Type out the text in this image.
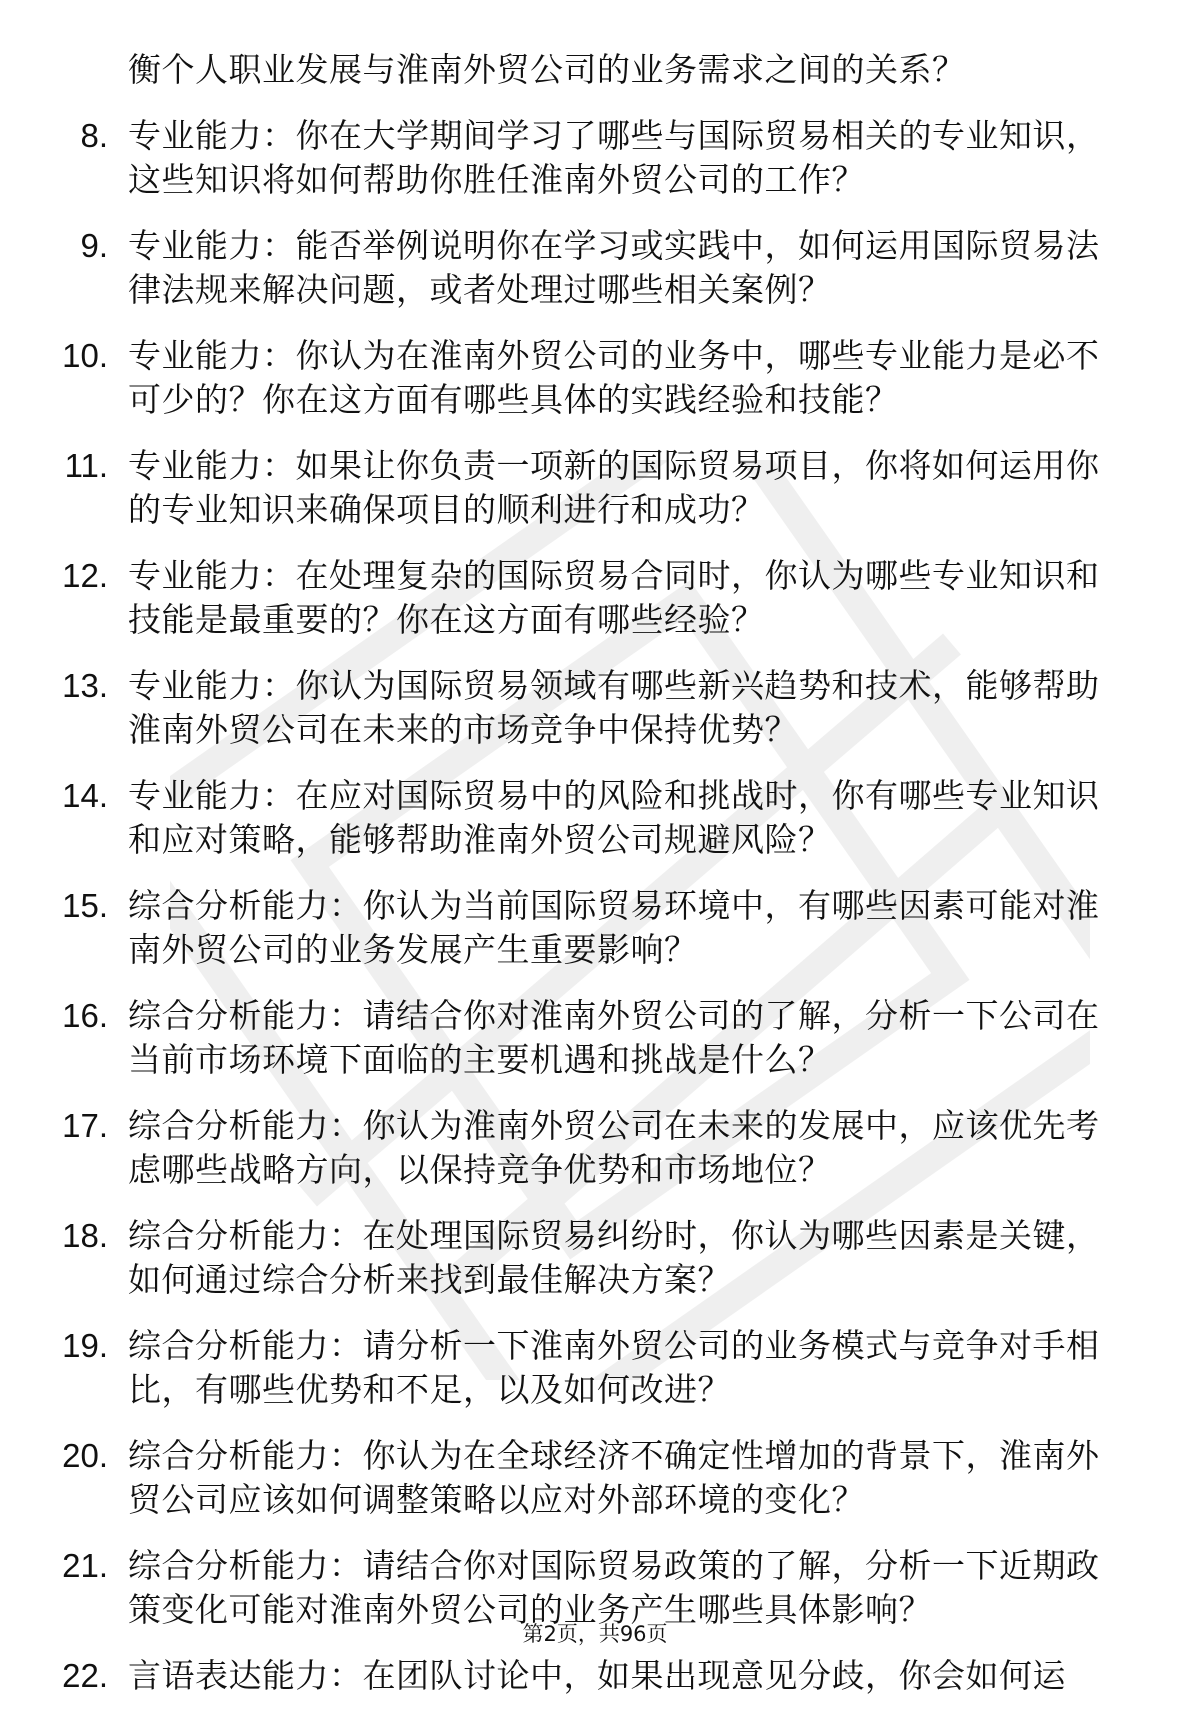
衡个人职业发展与淮南外贸公司的业务需求之间的关系？
8. 专业能力：你在大学期间学习了哪些与国际贸易相关的专业知识，这些知识将如何帮助你胜任淮南外贸公司的工作？
9. 专业能力：能否举例说明你在学习或实践中，如何运用国际贸易法律法规来解决问题，或者处理过哪些相关案例？
10. 专业能力：你认为在淮南外贸公司的业务中，哪些专业能力是必不可少的？你在这方面有哪些具体的实践经验和技能？
11. 专业能力：如果让你负责一项新的国际贸易项目，你将如何运用你的专业知识来确保项目的顺利进行和成功？
12. 专业能力：在处理复杂的国际贸易合同时，你认为哪些专业知识和技能是最重要的？你在这方面有哪些经验？
13. 专业能力：你认为国际贸易领域有哪些新兴趋势和技术，能够帮助淮南外贸公司在未来的市场竞争中保持优势？
14. 专业能力：在应对国际贸易中的风险和挑战时，你有哪些专业知识和应对策略，能够帮助淮南外贸公司规避风险？
15. 综合分析能力：你认为当前国际贸易环境中，有哪些因素可能对淮南外贸公司的业务发展产生重要影响？
16. 综合分析能力：请结合你对淮南外贸公司的了解，分析一下公司在当前市场环境下面临的主要机遇和挑战是什么？
17. 综合分析能力：你认为淮南外贸公司在未来的发展中，应该优先考虑哪些战略方向，以保持竞争优势和市场地位？
18. 综合分析能力：在处理国际贸易纠纷时，你认为哪些因素是关键，如何通过综合分析来找到最佳解决方案？
19. 综合分析能力：请分析一下淮南外贸公司的业务模式与竞争对手相比，有哪些优势和不足，以及如何改进？
20. 综合分析能力：你认为在全球经济不确定性增加的背景下，淮南外贸公司应该如何调整策略以应对外部环境的变化？
21. 综合分析能力：请结合你对国际贸易政策的了解，分析一下近期政策变化可能对淮南外贸公司的业务产生哪些具体影响？
22. 言语表达能力：在团队讨论中，如果出现意见分歧，你会如何运
第2页，共96页
